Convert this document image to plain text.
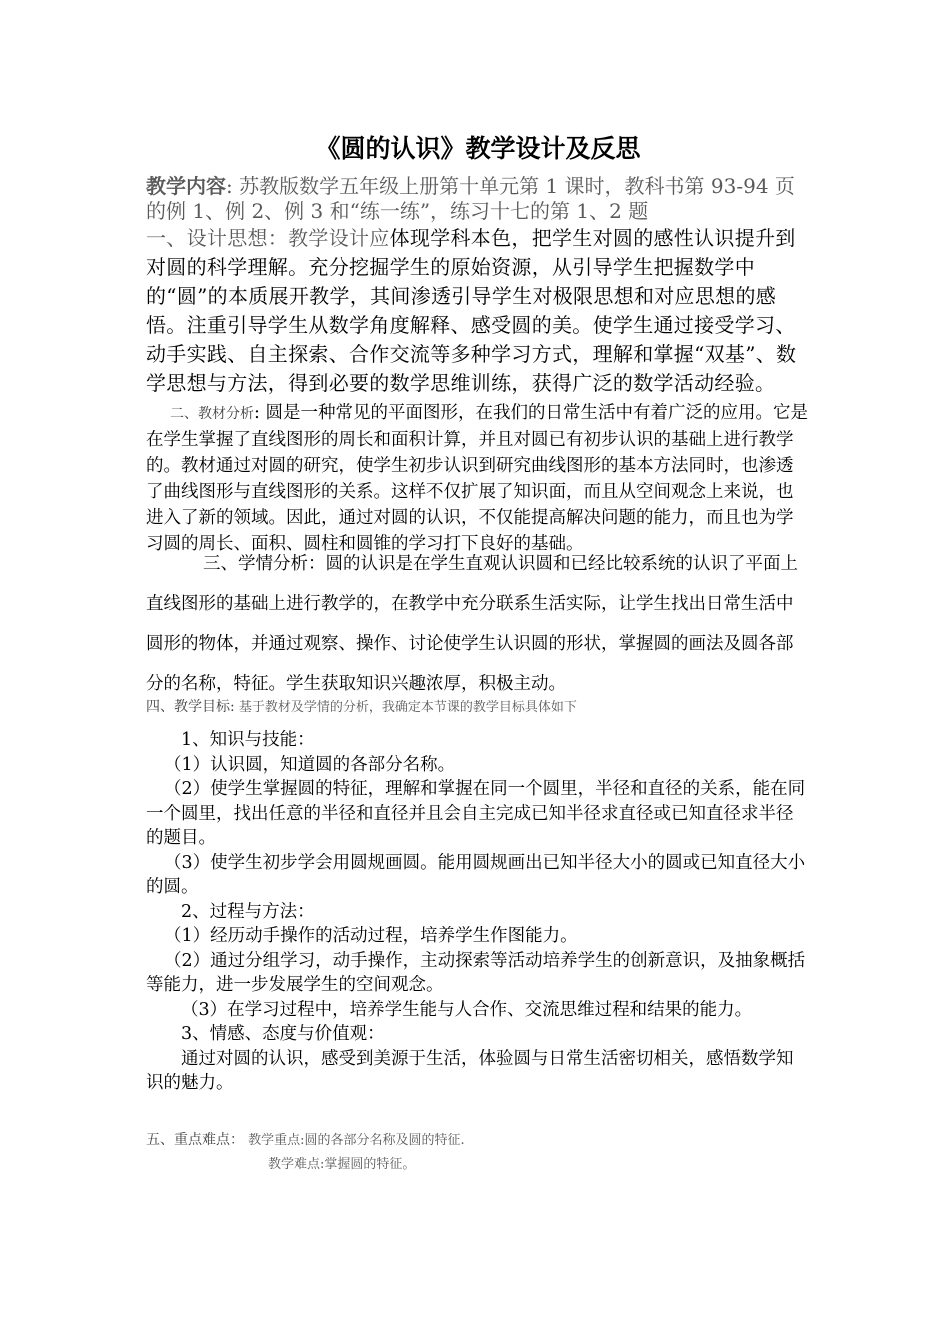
《圆的认识》教学设计及反思
教学内容: 苏教版数学五年级上册第十单元第 1 课时，教科书第 93-94 页的例 1、例 2、例 3 和“练一练”，练习十七的第 1、2 题
一、设计思想：教学设计应体现学科本色，把学生对圆的感性认识提升到对圆的科学理解。充分挖掘学生的原始资源，从引导学生把握数学中的“圆”的本质展开教学，其间渗透引导学生对极限思想和对应思想的感悟。注重引导学生从数学角度解释、感受圆的美。使学生通过接受学习、动手实践、自主探索、合作交流等多种学习方式，理解和掌握“双基”、数学思想与方法，得到必要的数学思维训练，获得广泛的数学活动经验。
二、教材分析: 圆是一种常见的平面图形，在我们的日常生活中有着广泛的应用。它是在学生掌握了直线图形的周长和面积计算，并且对圆已有初步认识的基础上进行教学的。教材通过对圆的研究，使学生初步认识到研究曲线图形的基本方法同时，也渗透了曲线图形与直线图形的关系。这样不仅扩展了知识面，而且从空间观念上来说，也进入了新的领域。因此，通过对圆的认识，不仅能提高解决问题的能力，而且也为学习圆的周长、面积、圆柱和圆锥的学习打下良好的基础。
三、学情分析：圆的认识是在学生直观认识圆和已经比较系统的认识了平面上直线图形的基础上进行教学的，在教学中充分联系生活实际，让学生找出日常生活中圆形的物体，并通过观察、操作、讨论使学生认识圆的形状，掌握圆的画法及圆各部分的名称，特征。学生获取知识兴趣浓厚，积极主动。
四、教学目标: 基于教材及学情的分析，我确定本节课的教学目标具体如下

1、知识与技能：

（1）认识圆，知道圆的各部分名称。

（2）使学生掌握圆的特征，理解和掌握在同一个圆里，半径和直径的关系，能在同一个圆里，找出任意的半径和直径并且会自主完成已知半径求直径或已知直径求半径的题目。

（3）使学生初步学会用圆规画圆。能用圆规画出已知半径大小的圆或已知直径大小的圆。

2、过程与方法：

（1）经历动手操作的活动过程，培养学生作图能力。

（2）通过分组学习，动手操作，主动探索等活动培养学生的创新意识，及抽象概括等能力，进一步发展学生的空间观念。

（3）在学习过程中，培养学生能与人合作、交流思维过程和结果的能力。

3、情感、态度与价值观：

通过对圆的认识，感受到美源于生活，体验圆与日常生活密切相关，感悟数学知识的魅力。

五、重点难点： 教学重点:圆的各部分名称及圆的特征.
教学难点:掌握圆的特征。
